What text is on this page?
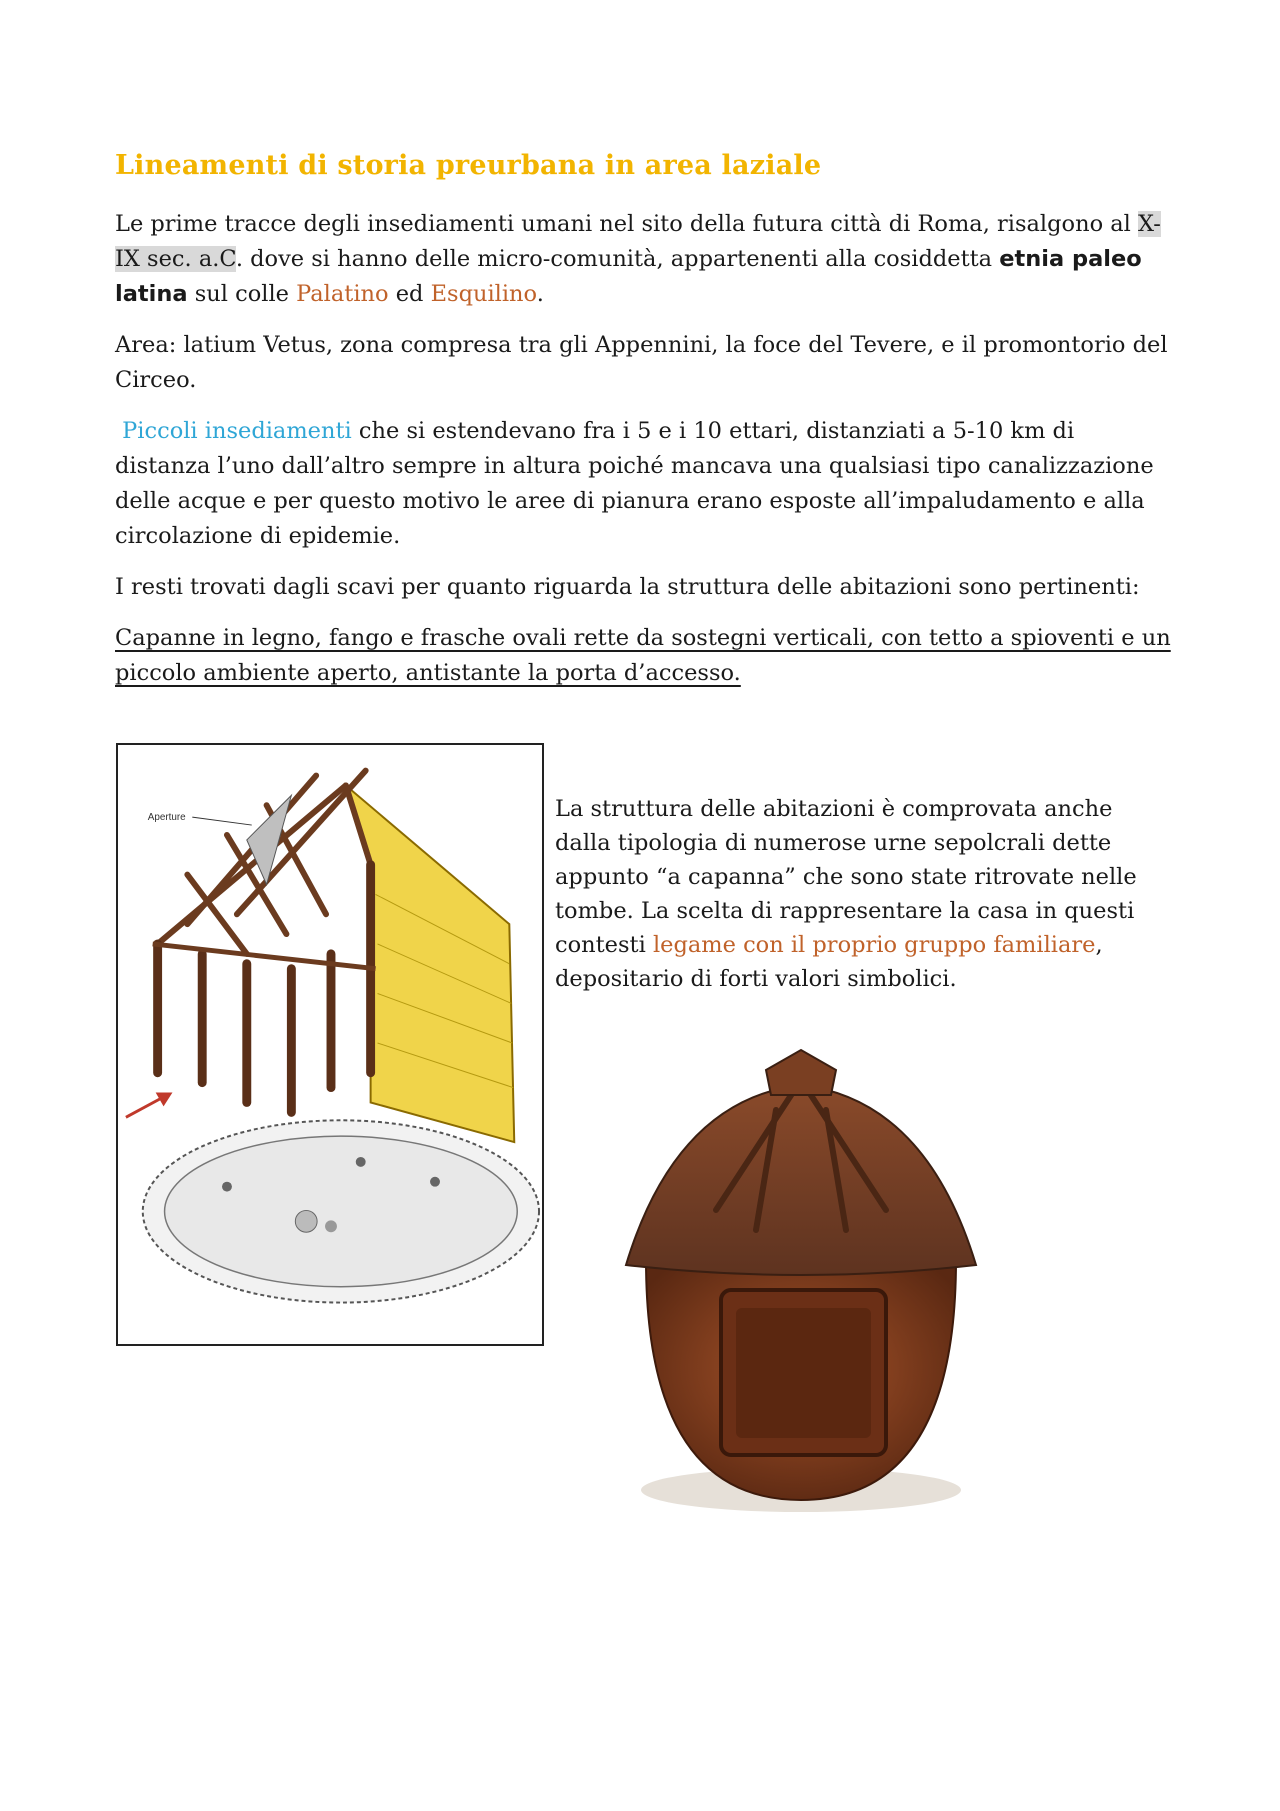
Lineamenti di storia preurbana in area laziale

Le prime tracce degli insediamenti umani nel sito della futura città di Roma, risalgono al X-IX sec. a.C. dove si hanno delle micro-comunità, appartenenti alla cosiddetta etnia paleo latina sul colle Palatino ed Esquilino.

Area: latium Vetus, zona compresa tra gli Appennini, la foce del Tevere, e il promontorio del Circeo.

Piccoli insediamenti che si estendevano fra i 5 e i 10 ettari, distanziati a 5-10 km di distanza l’uno dall’altro sempre in altura poiché mancava una qualsiasi tipo canalizzazione delle acque e per questo motivo le aree di pianura erano esposte all’impaludamento e alla circolazione di epidemie.

I resti trovati dagli scavi per quanto riguarda la struttura delle abitazioni sono pertinenti:

Capanne in legno, fango e frasche ovali rette da sostegni verticali, con tetto a spioventi e un piccolo ambiente aperto, antistante la porta d’accesso.

Aperture	La struttura delle abitazioni è comprovata anche dalla tipologia di numerose urne sepolcrali dette appunto “a capanna” che sono state ritrovate nelle tombe. La scelta di rappresentare la casa in questi contesti legame con il proprio gruppo familiare, depositario di forti valori simbolici.
